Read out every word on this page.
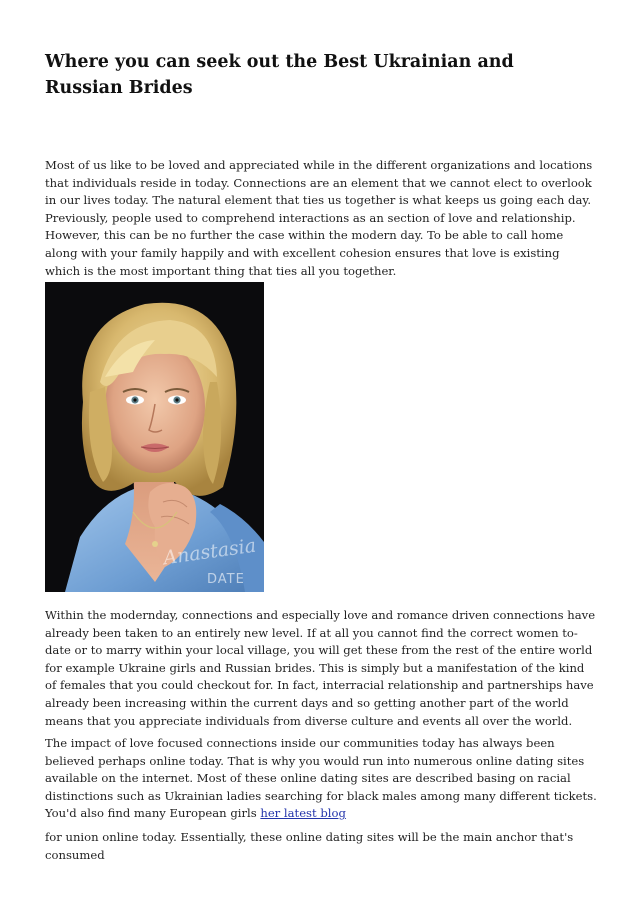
Where you can seek out the Best Ukrainian and Russian Brides

Most of us like to be loved and appreciated while in the different organizations and locations that individuals reside in today. Connections are an element that we cannot elect to overlook in our lives today. The natural element that ties us together is what keeps us going each day. Previously, people used to comprehend interactions as an section of love and relationship. However, this can be no further the case within the modern day. To be able to call home along with your family happily and with excellent cohesion ensures that love is existing which is the most important thing that ties all you together.

Anastasia
DATE

Within the modernday, connections and especially love and romance driven connections have already been taken to an entirely new level. If at all you cannot find the correct women to-date or to marry within your local village, you will get these from the rest of the entire world for example Ukraine girls and Russian brides. This is simply but a manifestation of the kind of females that you could checkout for. In fact, interracial relationship and partnerships have already been increasing within the current days and so getting another part of the world means that you appreciate individuals from diverse culture and events all over the world.

The impact of love focused connections inside our communities today has always been believed perhaps online today. That is why you would run into numerous online dating sites available on the internet. Most of these online dating sites are described basing on racial distinctions such as Ukrainian ladies searching for black males among many different tickets. You'd also find many European girls her latest blog

for union online today. Essentially, these online dating sites will be the main anchor that's consumed
